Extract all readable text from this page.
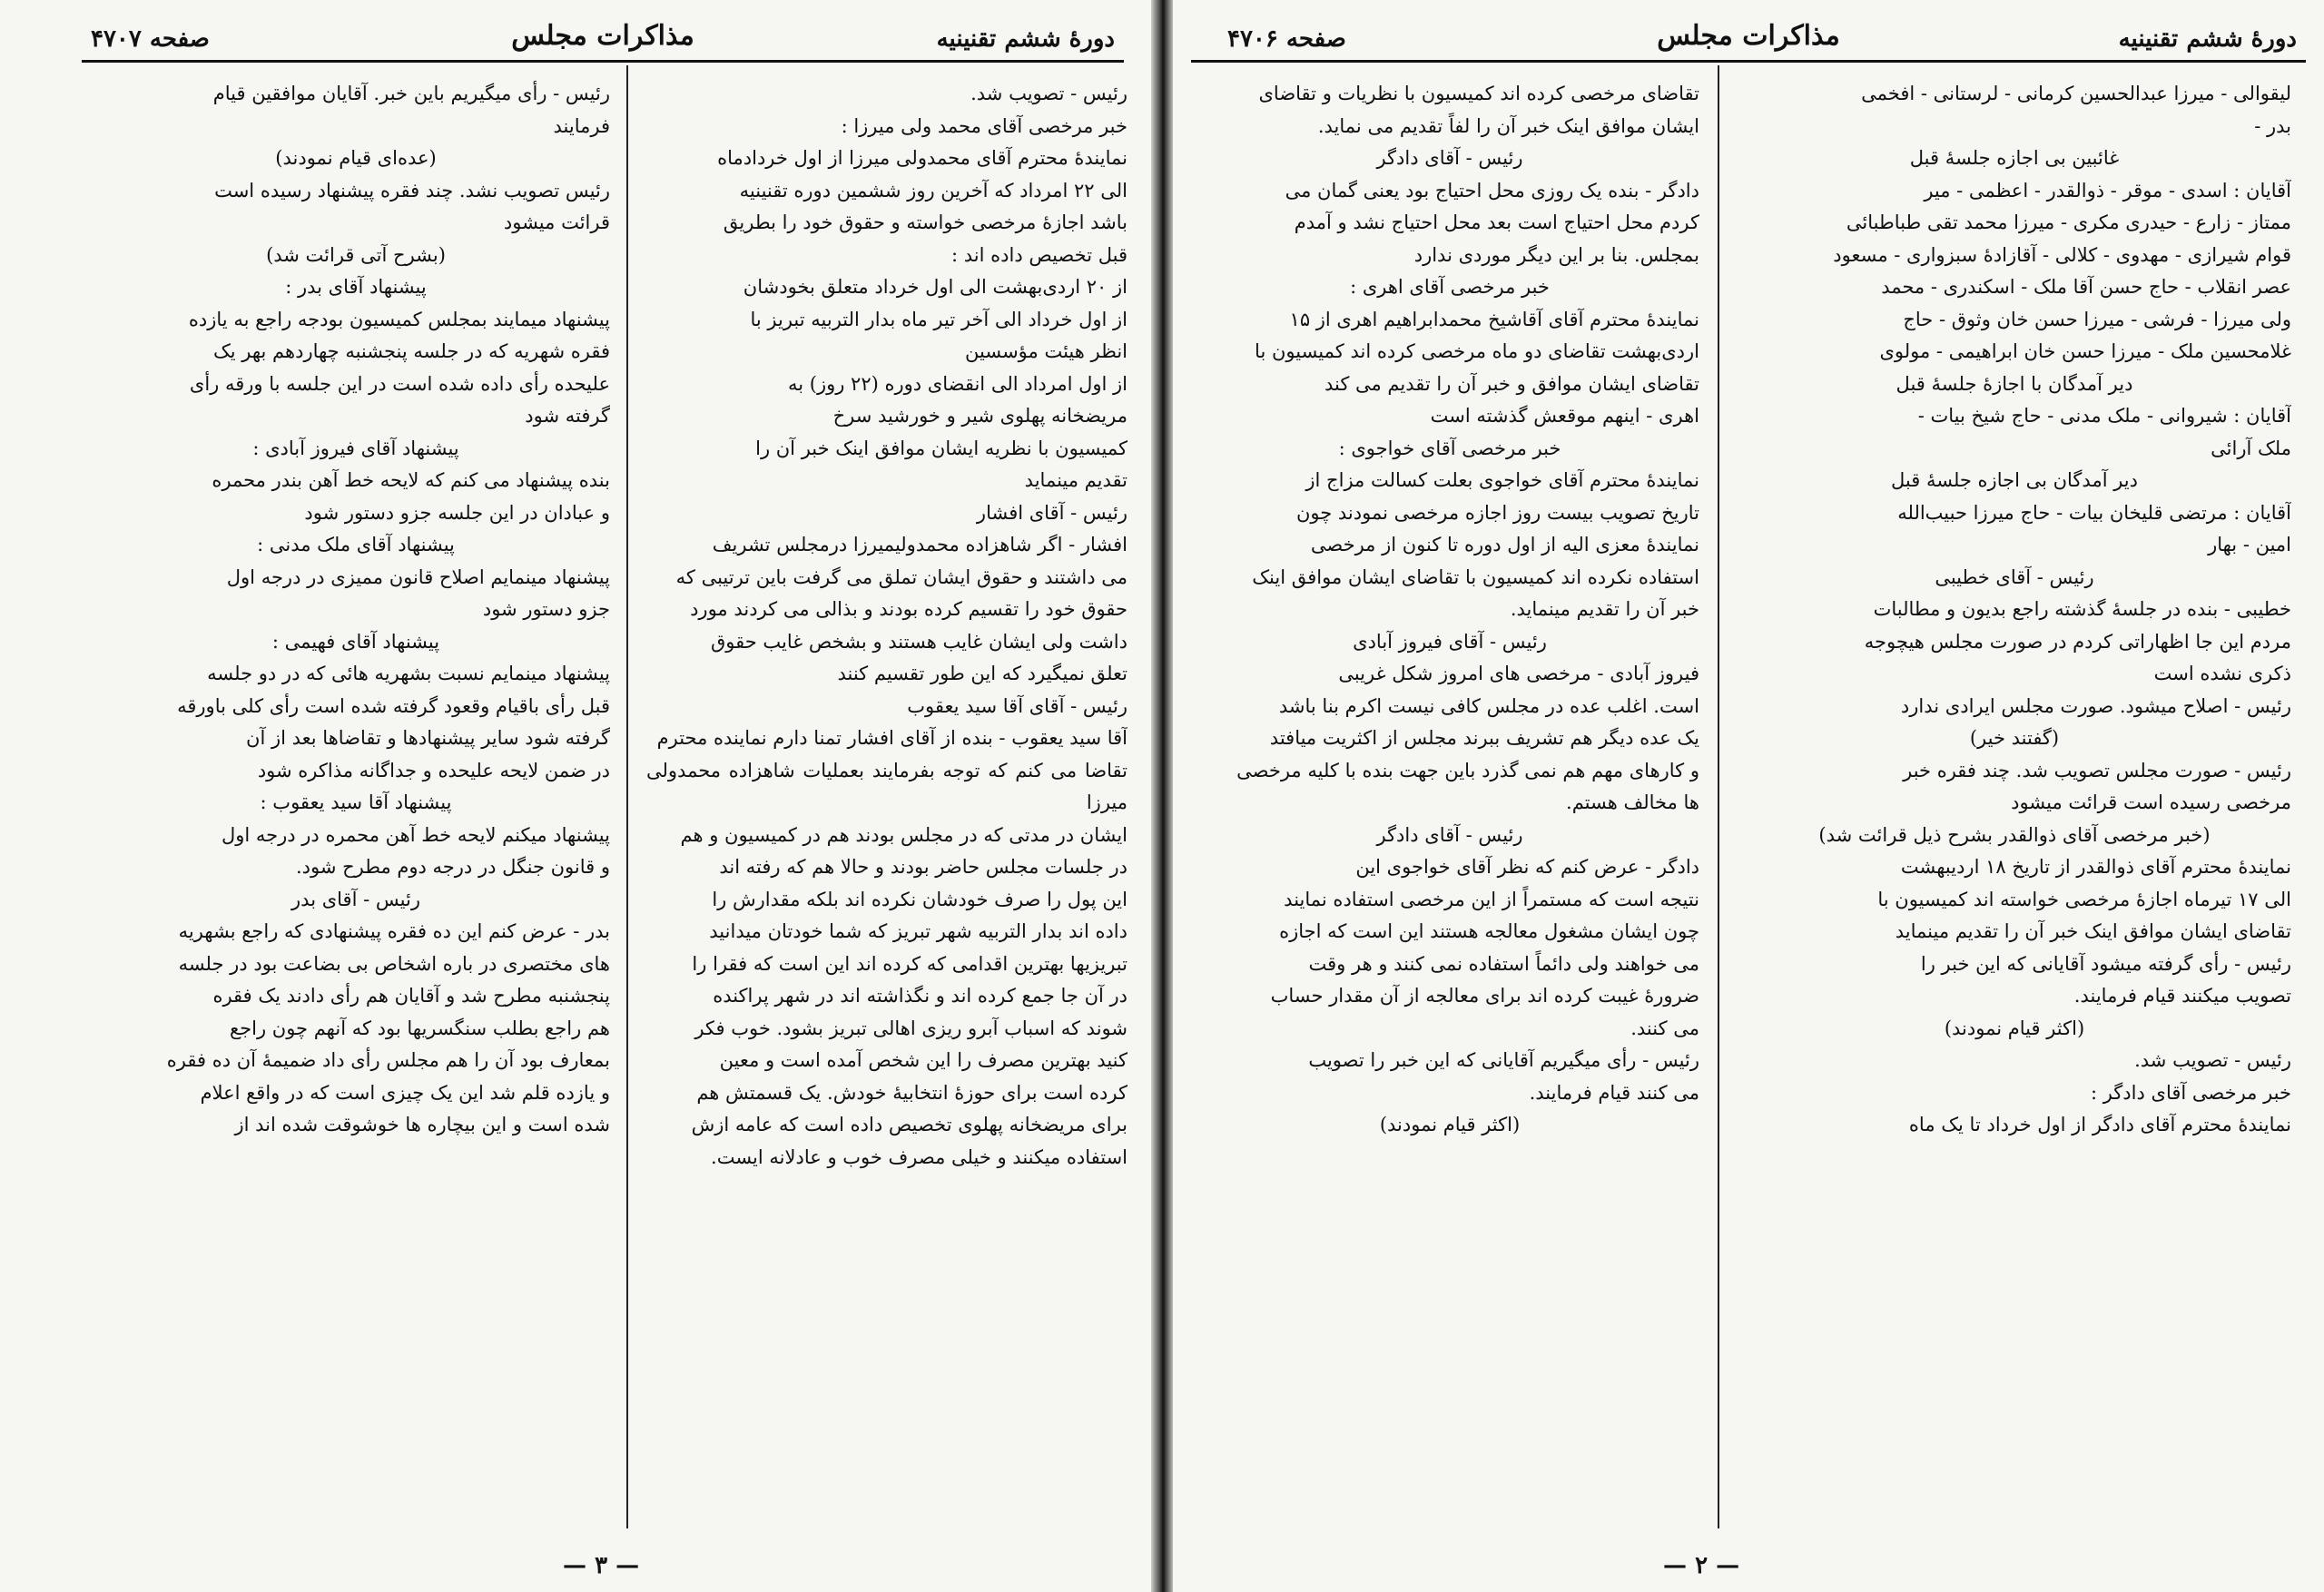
دورهٔ ششم تقنینیه
مذاکرات مجلس
صفحه ۴۷۰۷

رئیس - تصویب شد.

خبر مرخصی آقای محمد ولی میرزا :

نمایندهٔ محترم آقای محمدولی میرزا از اول خردادماه

الی ۲۲ امرداد که آخرین روز ششمین دوره تقنینیه

باشد اجازهٔ مرخصی خواسته و حقوق خود را بطریق

قبل تخصیص داده اند :

از ۲۰ اردی‌بهشت الی اول خرداد متعلق بخودشان

از اول خرداد الی آخر تیر ماه بدار التربیه تبریز با

انظر هیئت مؤسسین

از اول امرداد الی انقضای دوره (۲۲ روز) به

مریضخانه پهلوی شیر و خورشید سرخ

کمیسیون با نظریه ایشان موافق اینک خبر آن را

تقدیم مینماید

رئیس - آقای افشار

افشار - اگر شاهزاده محمدولیمیرزا درمجلس تشریف

می داشتند و حقوق ایشان تملق می گرفت باین ترتیبی که

حقوق خود را تقسیم کرده بودند و بذالی می کردند مورد

داشت ولی ایشان غایب هستند و بشخص غایب حقوق

تعلق نمیگیرد که این طور تقسیم کنند

رئیس - آقای آقا سید یعقوب

آقا سید یعقوب - بنده از آقای افشار تمنا دارم نماینده محترم

تقاضا می کنم که توجه بفرمایند بعملیات شاهزاده محمدولی میرزا

ایشان در مدتی که در مجلس بودند هم در کمیسیون و هم

در جلسات مجلس حاضر بودند و حالا هم که رفته اند

این پول را صرف خودشان نکرده اند بلکه مقدارش را

داده اند بدار التربیه شهر تبریز که شما خودتان میدانید

تبریزیها بهترین اقدامی که کرده اند این است که فقرا را

در آن جا جمع کرده اند و نگذاشته اند در شهر پراکنده

شوند که اسباب آبرو ریزی اهالی تبریز بشود. خوب فکر

کنید بهترین مصرف را این شخص آمده است و معین

کرده است برای حوزهٔ انتخابیهٔ خودش. یک قسمتش هم

برای مریضخانه پهلوی تخصیص داده است که عامه ازش

استفاده میکنند و خیلی مصرف خوب و عادلانه ایست.

رئیس - رأی میگیریم باین خبر. آقایان موافقین قیام

فرمایند

(عده‌ای قیام نمودند)

رئیس تصویب نشد. چند فقره پیشنهاد رسیده است

قرائت میشود

(بشرح آتی قرائت شد)

پیشنهاد آقای بدر :

پیشنهاد میمایند بمجلس کمیسیون بودجه راجع به یازده

فقره شهریه که در جلسه پنجشنبه چهاردهم بهر یک

علیحده رأی داده شده است در این جلسه با ورقه رأی

گرفته شود

پیشنهاد آقای فیروز آبادی :

بنده پیشنهاد می کنم که لایحه خط آهن بندر محمره

و عبادان در این جلسه جزو دستور شود

پیشنهاد آقای ملک مدنی :

پیشنهاد مینمایم اصلاح قانون ممیزی در درجه اول

جزو دستور شود

پیشنهاد آقای فهیمی :

پیشنهاد مینمایم نسبت بشهریه هائی که در دو جلسه

قبل رأی باقیام وقعود گرفته شده است رأی کلی باورقه

گرفته شود سایر پیشنهادها و تقاضاها بعد از آن

در ضمن لایحه علیحده و جداگانه مذاکره شود

پیشنهاد آقا سید یعقوب :

پیشنهاد میکنم لایحه خط آهن محمره در درجه اول

و قانون جنگل در درجه دوم مطرح شود.

رئیس - آقای بدر

بدر - عرض کنم این ده فقره پیشنهادی که راجع بشهریه

های مختصری در باره اشخاص بی بضاعت بود در جلسه

پنجشنبه مطرح شد و آقایان هم رأی دادند یک فقره

هم راجع بطلب سنگسریها بود که آنهم چون راجع

بمعارف بود آن را هم مجلس رأی داد ضمیمهٔ آن ده فقره

و یازده قلم شد این یک چیزی است که در واقع اعلام

شده است و این بیچاره ها خوشوقت شده اند از

— ۳ —
دورهٔ ششم تقنینیه
مذاکرات مجلس
صفحه ۴۷۰۶

لیقوالی - میرزا عبدالحسین کرمانی - لرستانی - افخمی

بدر -

غائبین بی اجازه جلسهٔ قبل

آقایان : اسدی - موقر - ذوالقدر - اعظمی - میر

ممتاز - زارع - حیدری مکری - میرزا محمد تقی طباطبائی

قوام شیرازی - مهدوی - کلالی - آقازادهٔ سبزواری - مسعود

عصر انقلاب - حاج حسن آقا ملک - اسکندری - محمد

ولی میرزا - فرشی - میرزا حسن خان وثوق - حاج

غلامحسین ملک - میرزا حسن خان ابراهیمی - مولوی

دیر آمدگان با اجازهٔ جلسهٔ قبل

آقایان : شیروانی - ملک مدنی - حاج شیخ بیات -

ملک آرائی

دیر آمدگان بی اجازه جلسهٔ قبل

آقایان : مرتضی قلیخان بیات - حاج میرزا حبیب‌الله

امین - بهار

رئیس - آقای خطیبی

خطیبی - بنده در جلسهٔ گذشته راجع بدیون و مطالبات

مردم این جا اظهاراتی کردم در صورت مجلس هیچوجه

ذکری نشده است

رئیس - اصلاح میشود. صورت مجلس ایرادی ندارد

(گفتند خیر)

رئیس - صورت مجلس تصویب شد. چند فقره خبر

مرخصی رسیده است قرائت میشود

(خبر مرخصی آقای ذوالقدر بشرح ذیل قرائت شد)

نمایندهٔ محترم آقای ذوالقدر از تاریخ ۱۸ اردیبهشت

الی ۱۷ تیرماه اجازهٔ مرخصی خواسته اند کمیسیون با

تقاضای ایشان موافق اینک خبر آن را تقدیم مینماید

رئیس - رأی گرفته میشود آقایانی که این خبر را

تصویب میکنند قیام فرمایند.

(اکثر قیام نمودند)

رئیس - تصویب شد.

خبر مرخصی آقای دادگر :

نمایندهٔ محترم آقای دادگر از اول خرداد تا یک ماه

تقاضای مرخصی کرده اند کمیسیون با نظریات و تقاضای

ایشان موافق اینک خبر آن را لفاً تقدیم می نماید.

رئیس - آقای دادگر

دادگر - بنده یک روزی محل احتیاج بود یعنی گمان می

کردم محل احتیاج است بعد محل احتیاج نشد و آمدم

بمجلس. بنا بر این دیگر موردی ندارد

خبر مرخصی آقای اهری :

نمایندهٔ محترم آقای آقاشیخ محمدابراهیم اهری از ۱۵

اردی‌بهشت تقاضای دو ماه مرخصی کرده اند کمیسیون با

تقاضای ایشان موافق و خبر آن را تقدیم می کند

اهری - اینهم موقعش گذشته است

خبر مرخصی آقای خواجوی :

نمایندهٔ محترم آقای خواجوی بعلت کسالت مزاج از

تاریخ تصویب بیست روز اجازه مرخصی نمودند چون

نمایندهٔ معزی الیه از اول دوره تا کنون از مرخصی

استفاده نکرده اند کمیسیون با تقاضای ایشان موافق اینک

خبر آن را تقدیم مینماید.

رئیس - آقای فیروز آبادی

فیروز آبادی - مرخصی های امروز شکل غریبی

است. اغلب عده در مجلس کافی نیست اکرم بنا باشد

یک عده دیگر هم تشریف ببرند مجلس از اکثریت میافتد

و کارهای مهم هم نمی گذرد باین جهت بنده با کلیه مرخصی

ها مخالف هستم.

رئیس - آقای دادگر

دادگر - عرض کنم که نظر آقای خواجوی این

نتیجه است که مستمراً از این مرخصی استفاده نمایند

چون ایشان مشغول معالجه هستند این است که اجازه

می خواهند ولی دائماً استفاده نمی کنند و هر وقت

ضرورهٔ غیبت کرده اند برای معالجه از آن مقدار حساب

می کنند.

رئیس - رأی میگیریم آقایانی که این خبر را تصویب

می کنند قیام فرمایند.

(اکثر قیام نمودند)

— ۲ —
